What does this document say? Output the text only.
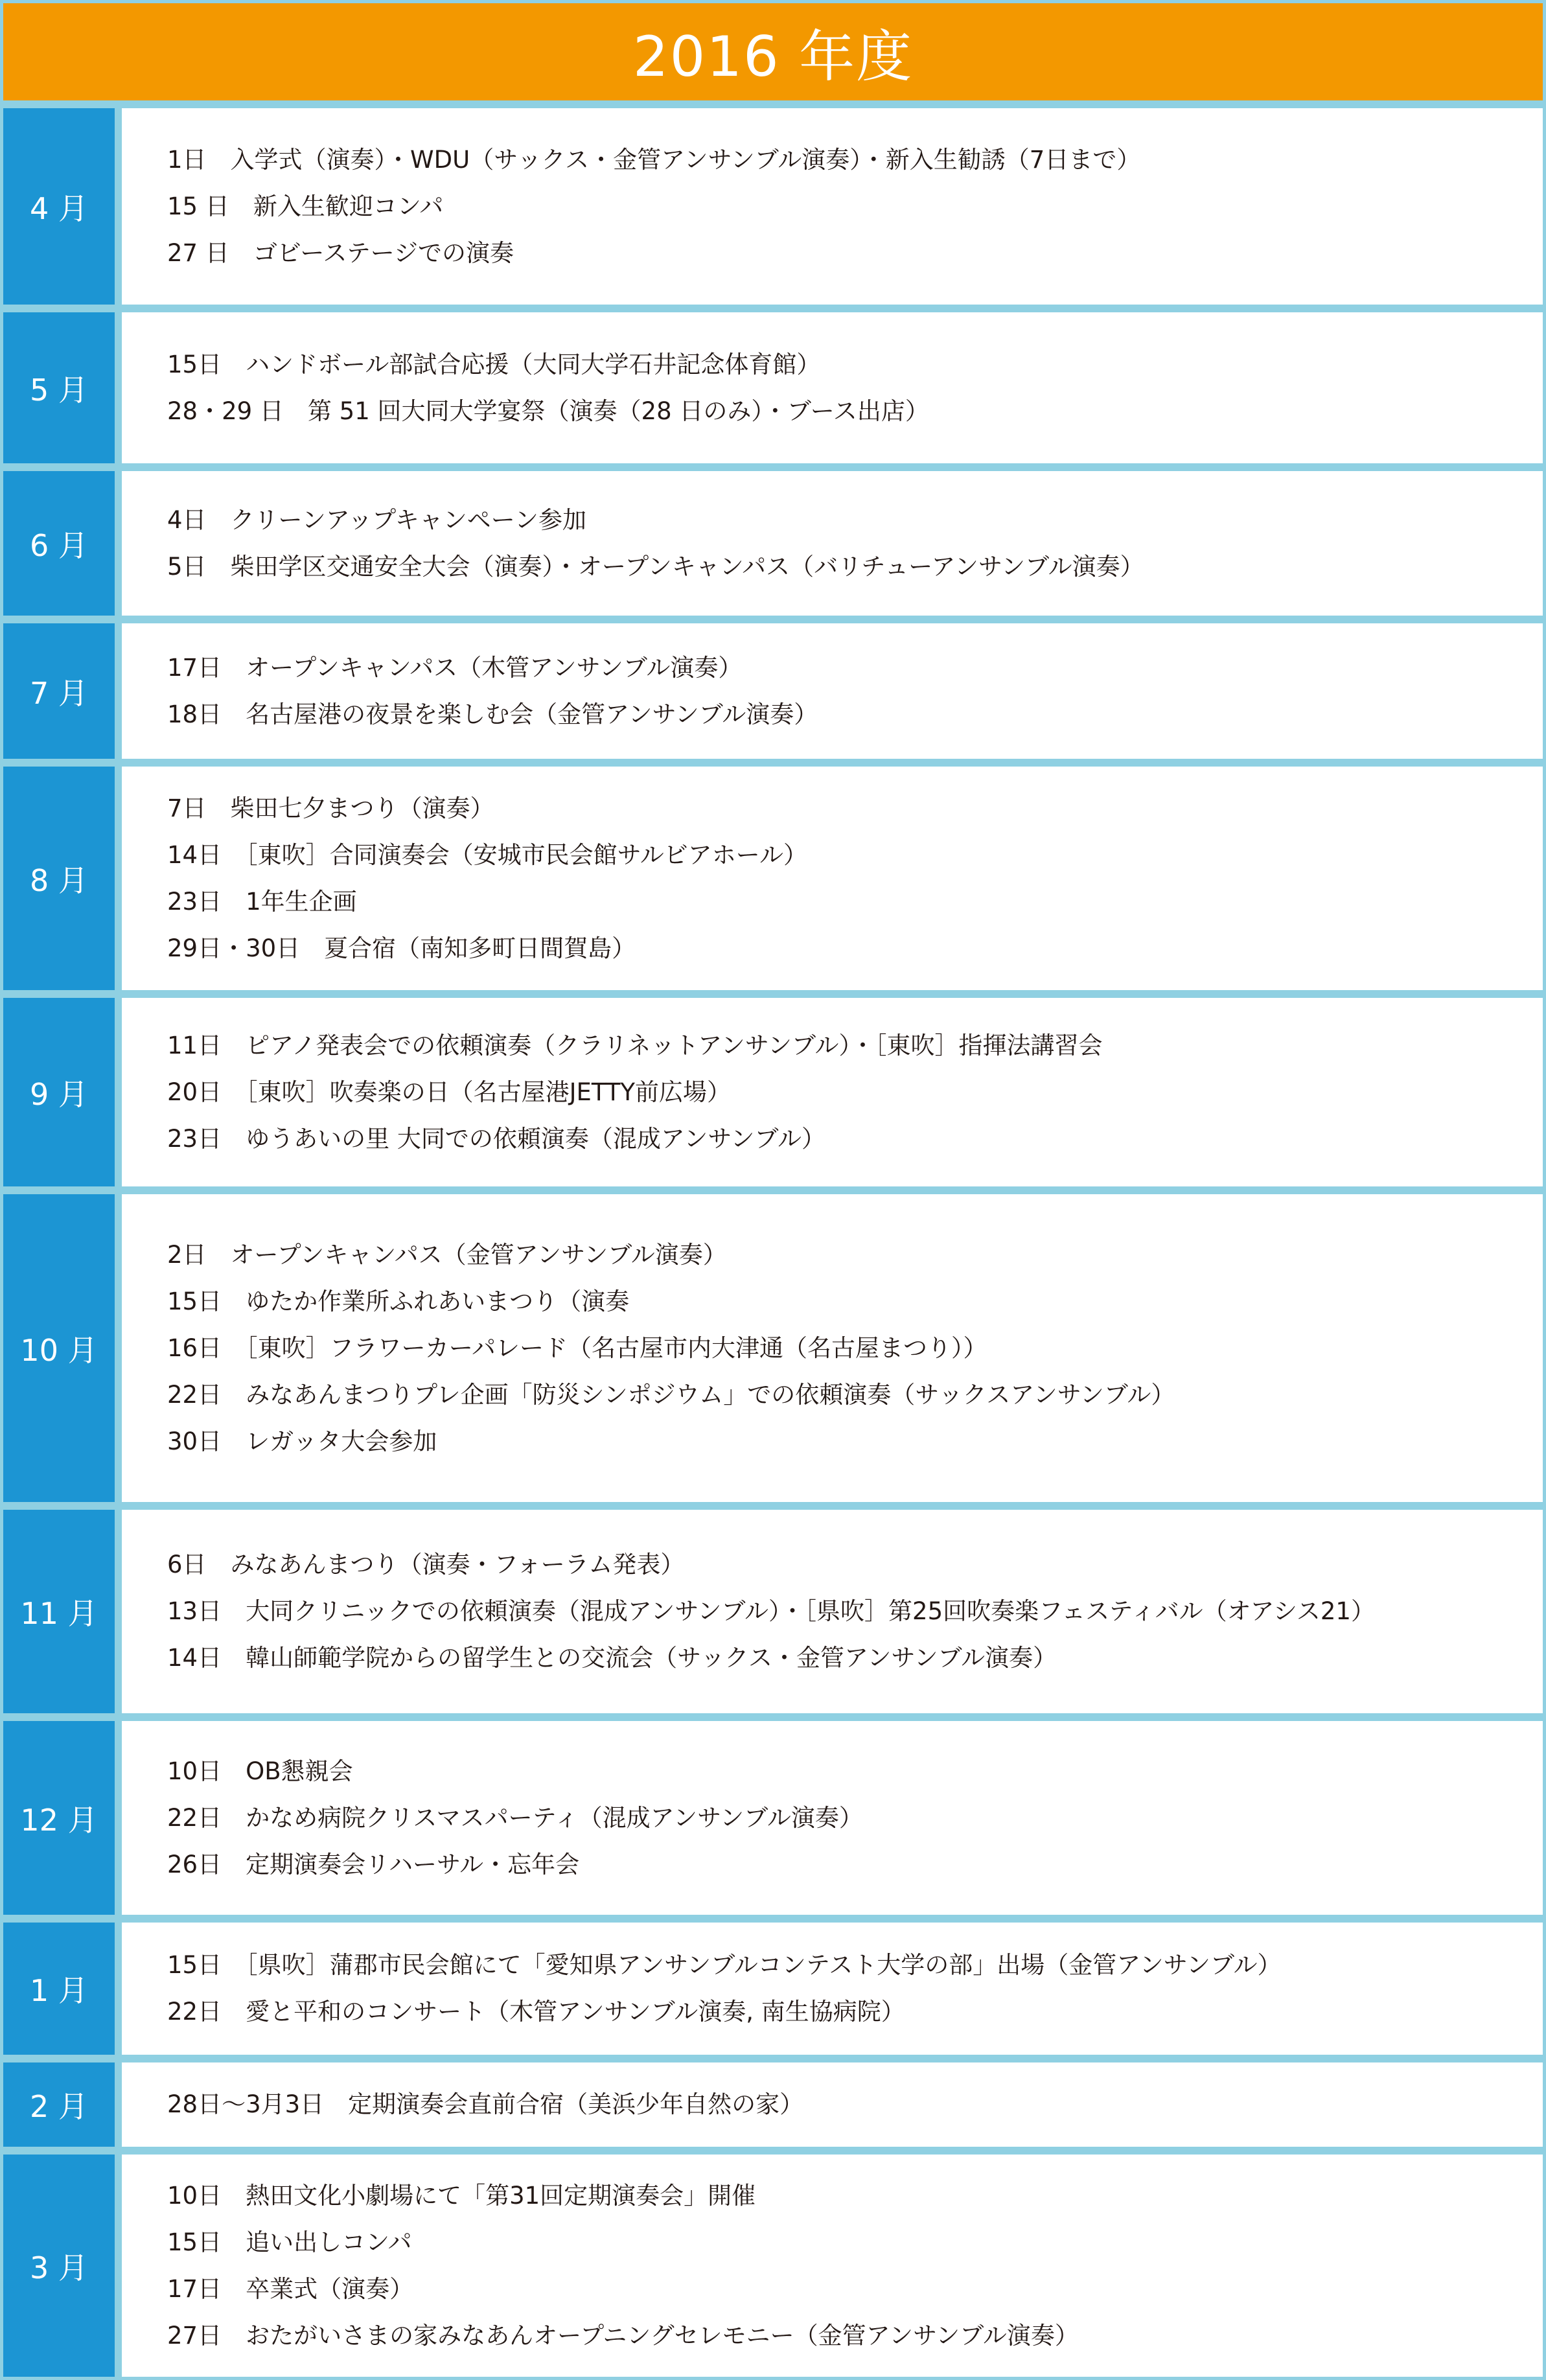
2016 年度
4 月
1日　入学式（演奏）・WDU（サックス・金管アンサンブル演奏）・新入生勧誘（7日まで）
15 日　新入生歓迎コンパ
27 日　ゴビーステージでの演奏
5 月
15日　ハンドボール部試合応援（大同大学石井記念体育館）
28・29 日　第 51 回大同大学宴祭（演奏（28 日のみ）・ブース出店）
6 月
4日　クリーンアップキャンペーン参加
5日　柴田学区交通安全大会（演奏）・オープンキャンパス（バリチューアンサンブル演奏）
7 月
17日　オープンキャンパス（木管アンサンブル演奏）
18日　名古屋港の夜景を楽しむ会（金管アンサンブル演奏）
8 月
7日　柴田七夕まつり（演奏）
14日　［東吹］合同演奏会（安城市民会館サルビアホール）
23日　1年生企画
29日・30日　夏合宿（南知多町日間賀島）
9 月
11日　ピアノ発表会での依頼演奏（クラリネットアンサンブル）・［東吹］指揮法講習会
20日　［東吹］吹奏楽の日（名古屋港JETTY前広場）
23日　ゆうあいの里 大同での依頼演奏（混成アンサンブル）
10 月
2日　オープンキャンパス（金管アンサンブル演奏）
15日　ゆたか作業所ふれあいまつり（演奏
16日　［東吹］フラワーカーパレード（名古屋市内大津通（名古屋まつり））
22日　みなあんまつりプレ企画「防災シンポジウム」での依頼演奏（サックスアンサンブル）
30日　レガッタ大会参加
11 月
6日　みなあんまつり（演奏・フォーラム発表）
13日　大同クリニックでの依頼演奏（混成アンサンブル）・［県吹］第25回吹奏楽フェスティバル（オアシス21）
14日　韓山師範学院からの留学生との交流会（サックス・金管アンサンブル演奏）
12 月
10日　OB懇親会
22日　かなめ病院クリスマスパーティ（混成アンサンブル演奏）
26日　定期演奏会リハーサル・忘年会
1 月
15日　［県吹］蒲郡市民会館にて「愛知県アンサンブルコンテスト大学の部」出場（金管アンサンブル）
22日　愛と平和のコンサート（木管アンサンブル演奏, 南生協病院）
2 月	28日～3月3日　定期演奏会直前合宿（美浜少年自然の家）
3 月
10日　熱田文化小劇場にて「第31回定期演奏会」開催
15日　追い出しコンパ
17日　卒業式（演奏）
27日　おたがいさまの家みなあんオープニングセレモニー（金管アンサンブル演奏）
